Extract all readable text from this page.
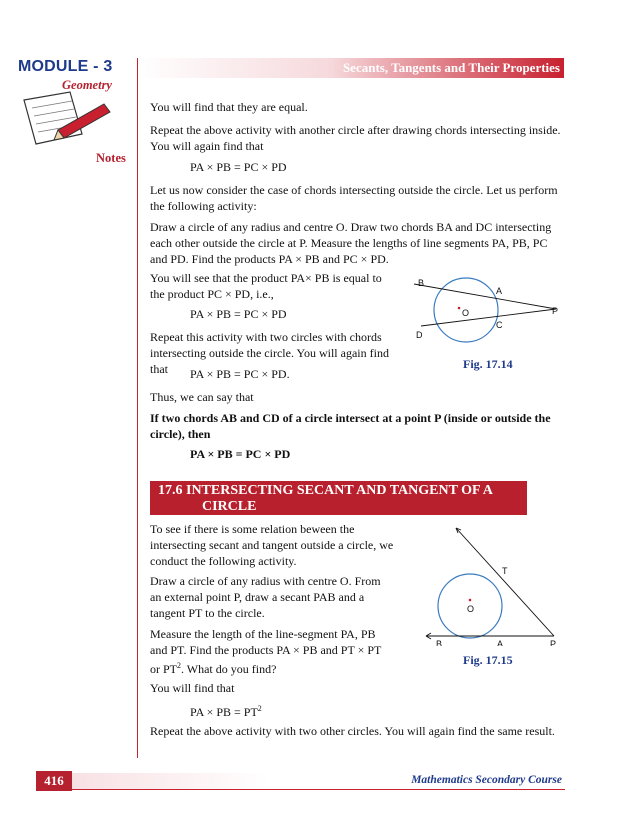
MODULE - 3
Geometry
Notes
Secants, Tangents and Their Properties

You will find that they are equal.

Repeat the above activity with another circle after drawing chords intersecting inside. You will again find that

PA × PB = PC × PD

Let us now consider the case of chords intersecting outside the circle. Let us perform the following activity:

Draw a circle of any radius and centre O. Draw two chords BA and DC intersecting each other outside the circle at P. Measure the lengths of line segments PA, PB, PC and PD. Find the products PA × PB and PC × PD.

You will see that the product PA× PB is equal to the product PC × PD, i.e.,

PA × PB = PC × PD

Repeat this activity with two circles with chords intersecting outside the circle. You will again find that	PA × PB = PC × PD.

Thus, we can say that

If two chords AB and CD of a circle intersect at a point P (inside or outside the circle), then

PA × PB = PC × PD

B
A
O	P
C
D
Fig. 17.14
17.6 INTERSECTING SECANT AND TANGENT OF A
CIRCLE

To see if there is some relation beween the intersecting secant and tangent outside a circle, we conduct the following activity.

Draw a circle of any radius with centre O. From an external point P, draw a secant PAB and a tangent PT to the circle.

Measure the length of the line-segment PA, PB and PT. Find the products PA × PB and PT × PT or $PT^2$. What do you find?

You will find that

PA × PB = $PT^2$

Repeat the above activity with two other circles. You will again find the same result.

T
O
B	A	P
Fig. 17.15
416	Mathematics Secondary Course
